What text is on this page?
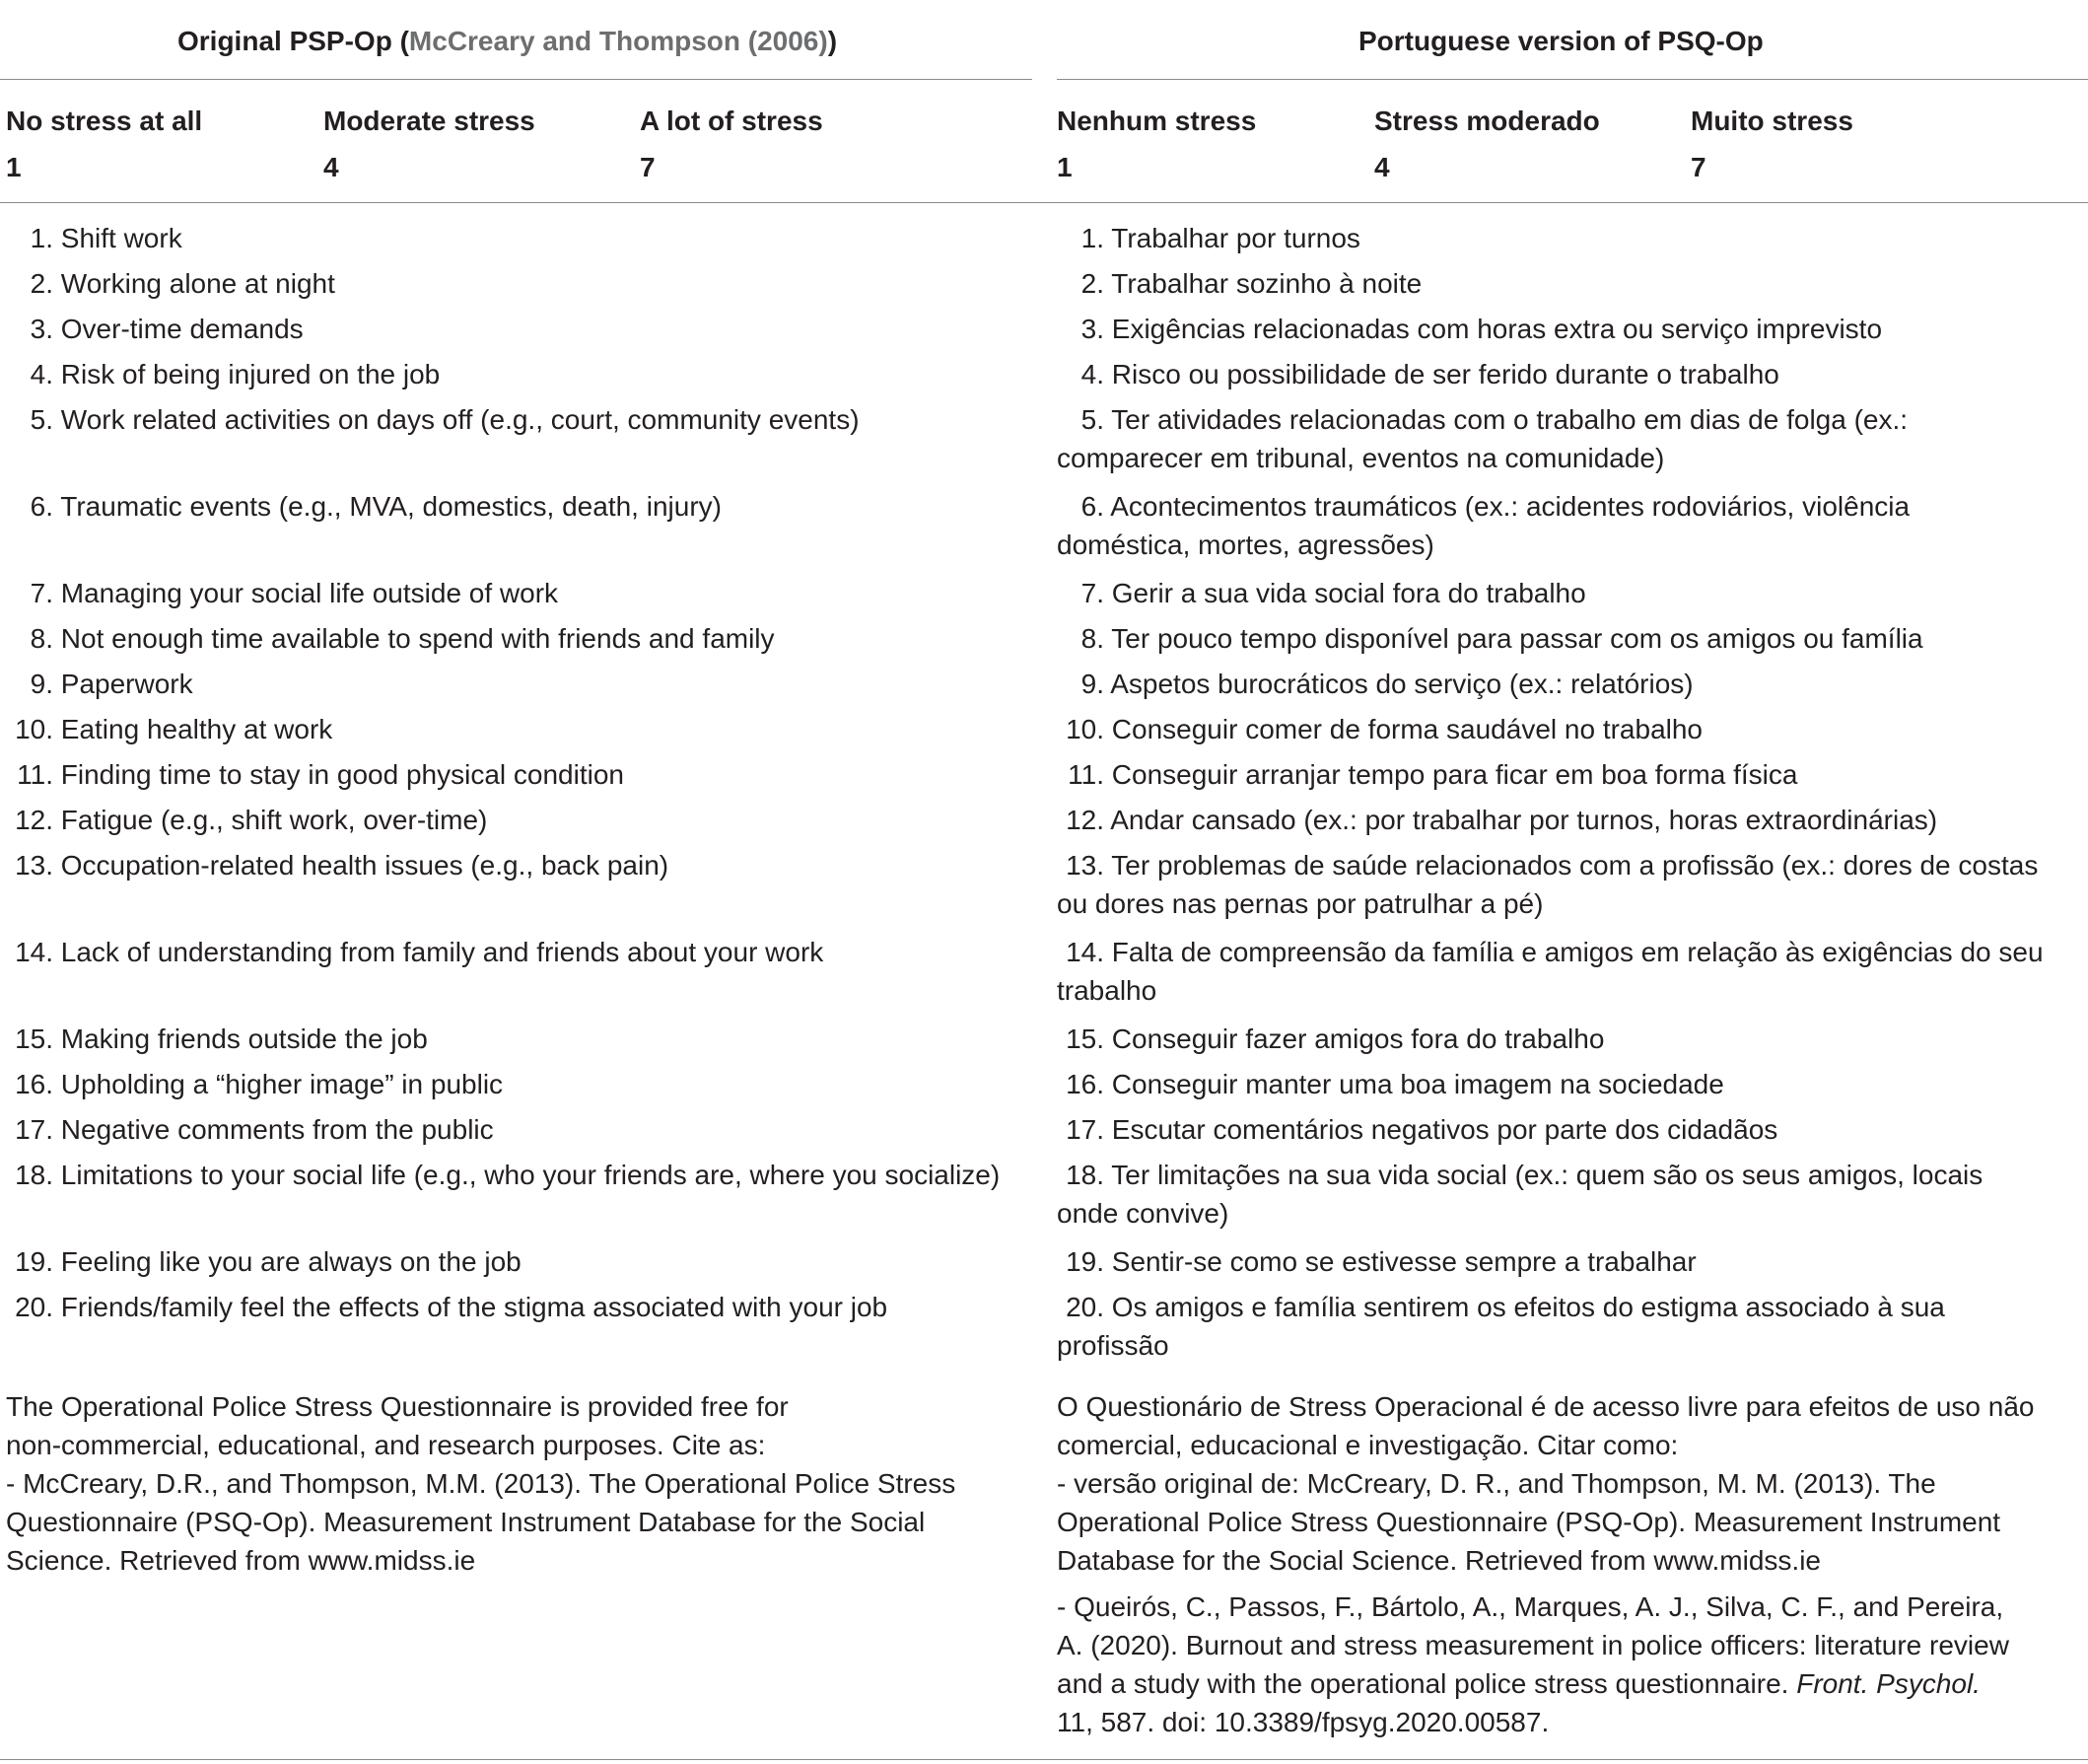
Original PSP-Op (McCreary and Thompson (2006))
No stress at all	Moderate stress	A lot of stress
1	4	7
Portuguese version of PSQ-Op
Nenhum stress	Stress moderado	Muito stress
1	4	7
1. Shift work	1. Trabalhar por turnos
2. Working alone at night	2. Trabalhar sozinho à noite
3. Over-time demands	3. Exigências relacionadas com horas extra ou serviço imprevisto
4. Risk of being injured on the job	4. Risco ou possibilidade de ser ferido durante o trabalho
5. Work related activities on days off (e.g., court, community events)	5. Ter atividades relacionadas com o trabalho em dias de folga (ex.:
comparecer em tribunal, eventos na comunidade)
6. Traumatic events (e.g., MVA, domestics, death, injury)	6. Acontecimentos traumáticos (ex.: acidentes rodoviários, violência
doméstica, mortes, agressões)
7. Managing your social life outside of work	7. Gerir a sua vida social fora do trabalho
8. Not enough time available to spend with friends and family	8. Ter pouco tempo disponível para passar com os amigos ou família
9. Paperwork	9. Aspetos burocráticos do serviço (ex.: relatórios)
10. Eating healthy at work	10. Conseguir comer de forma saudável no trabalho
11. Finding time to stay in good physical condition	11. Conseguir arranjar tempo para ficar em boa forma física
12. Fatigue (e.g., shift work, over-time)	12. Andar cansado (ex.: por trabalhar por turnos, horas extraordinárias)
13. Occupation-related health issues (e.g., back pain)	13. Ter problemas de saúde relacionados com a profissão (ex.: dores de costas
ou dores nas pernas por patrulhar a pé)
14. Lack of understanding from family and friends about your work	14. Falta de compreensão da família e amigos em relação às exigências do seu
trabalho
15. Making friends outside the job	15. Conseguir fazer amigos fora do trabalho
16. Upholding a “higher image” in public	16. Conseguir manter uma boa imagem na sociedade
17. Negative comments from the public	17. Escutar comentários negativos por parte dos cidadãos
18. Limitations to your social life (e.g., who your friends are, where you socialize)	18. Ter limitações na sua vida social (ex.: quem são os seus amigos, locais
onde convive)
19. Feeling like you are always on the job	19. Sentir-se como se estivesse sempre a trabalhar
20. Friends/family feel the effects of the stigma associated with your job	20. Os amigos e família sentirem os efeitos do estigma associado à sua
profissão
The Operational Police Stress Questionnaire is provided free for
non-commercial, educational, and research purposes. Cite as:
- McCreary, D.R., and Thompson, M.M. (2013). The Operational Police Stress
Questionnaire (PSQ-Op). Measurement Instrument Database for the Social
Science. Retrieved from www.midss.ie
O Questionário de Stress Operacional é de acesso livre para efeitos de uso não
comercial, educacional e investigação. Citar como:
- versão original de: McCreary, D. R., and Thompson, M. M. (2013). The
Operational Police Stress Questionnaire (PSQ-Op). Measurement Instrument
Database for the Social Science. Retrieved from www.midss.ie
- Queirós, C., Passos, F., Bártolo, A., Marques, A. J., Silva, C. F., and Pereira,
A. (2020). Burnout and stress measurement in police officers: literature review
and a study with the operational police stress questionnaire. Front. Psychol.
11, 587. doi: 10.3389/fpsyg.2020.00587.
